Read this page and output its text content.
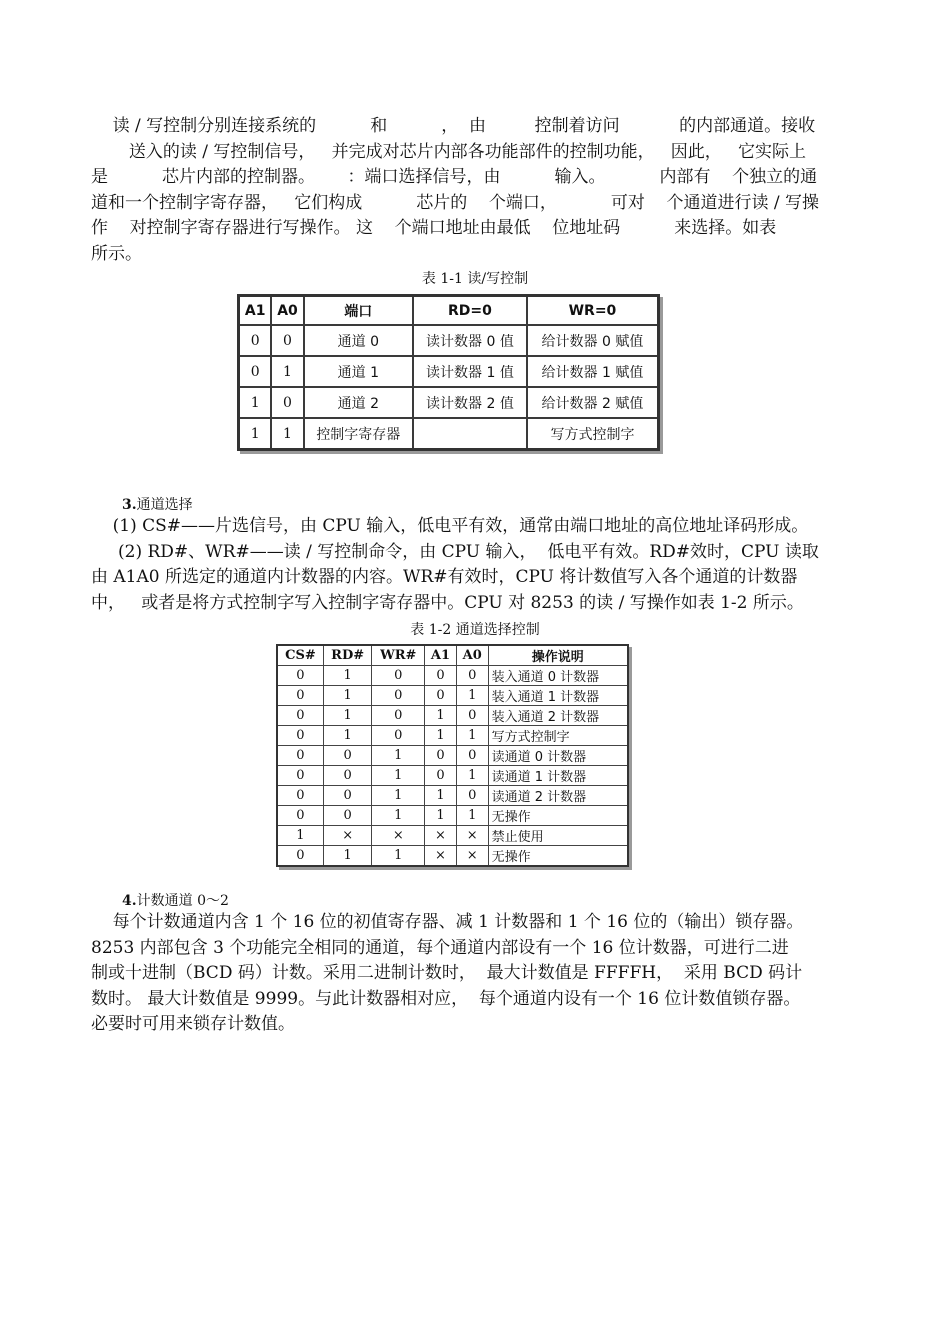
读 / 写控制分别连接系统的          和          ，  由         控制着访问           的内部通道。接收
送入的读 / 写控制信号，   并完成对芯片内部各功能部件的控制功能，   因此，   它实际上
是          芯片内部的控制器。      ：端口选择信号，由          输入。          内部有    个独立的通
道和一个控制字寄存器，   它们构成          芯片的    个端口，          可对    个通道进行读 / 写操
作    对控制字寄存器进行写操作。 这    个端口地址由最低    位地址码          来选择。如表
所示。
表 1-1 读/写控制
A1	A0	端口	RD=0	WR=0
0	0	通道 0	读计数器 0 值	给计数器 0 赋值
0	1	通道 1	读计数器 1 值	给计数器 1 赋值
1	0	通道 2	读计数器 2 值	给计数器 2 赋值
1	1	控制字寄存器		写方式控制字
3.通道选择
(1) CS#——片选信号，由 CPU 输入，低电平有效，通常由端口地址的高位地址译码形成。
(2) RD#、WR#——读 / 写控制命令，由 CPU 输入，  低电平有效。RD#效时，CPU 读取
由 A1A0 所选定的通道内计数器的内容。WR#有效时，CPU 将计数值写入各个通道的计数器
中，   或者是将方式控制字写入控制字寄存器中。CPU 对 8253 的读 / 写操作如表 1-2 所示。
表 1-2 通道选择控制
CS#	RD#	WR#	A1	A0	操作说明
0	1	0	0	0	装入通道 0 计数器
0	1	0	0	1	装入通道 1 计数器
0	1	0	1	0	装入通道 2 计数器
0	1	0	1	1	写方式控制字
0	0	1	0	0	读通道 0 计数器
0	0	1	0	1	读通道 1 计数器
0	0	1	1	0	读通道 2 计数器
0	0	1	1	1	无操作
1	×	×	×	×	禁止使用
0	1	1	×	×	无操作
4.计数通道 0～2
每个计数通道内含 1 个 16 位的初值寄存器、减 1 计数器和 1 个 16 位的（输出）锁存器。
8253 内部包含 3 个功能完全相同的通道，每个通道内部设有一个 16 位计数器，可进行二进
制或十进制（BCD 码）计数。采用二进制计数时，  最大计数值是 FFFFH，  采用 BCD 码计
数时。 最大计数值是 9999。与此计数器相对应，  每个通道内设有一个 16 位计数值锁存器。
必要时可用来锁存计数值。
